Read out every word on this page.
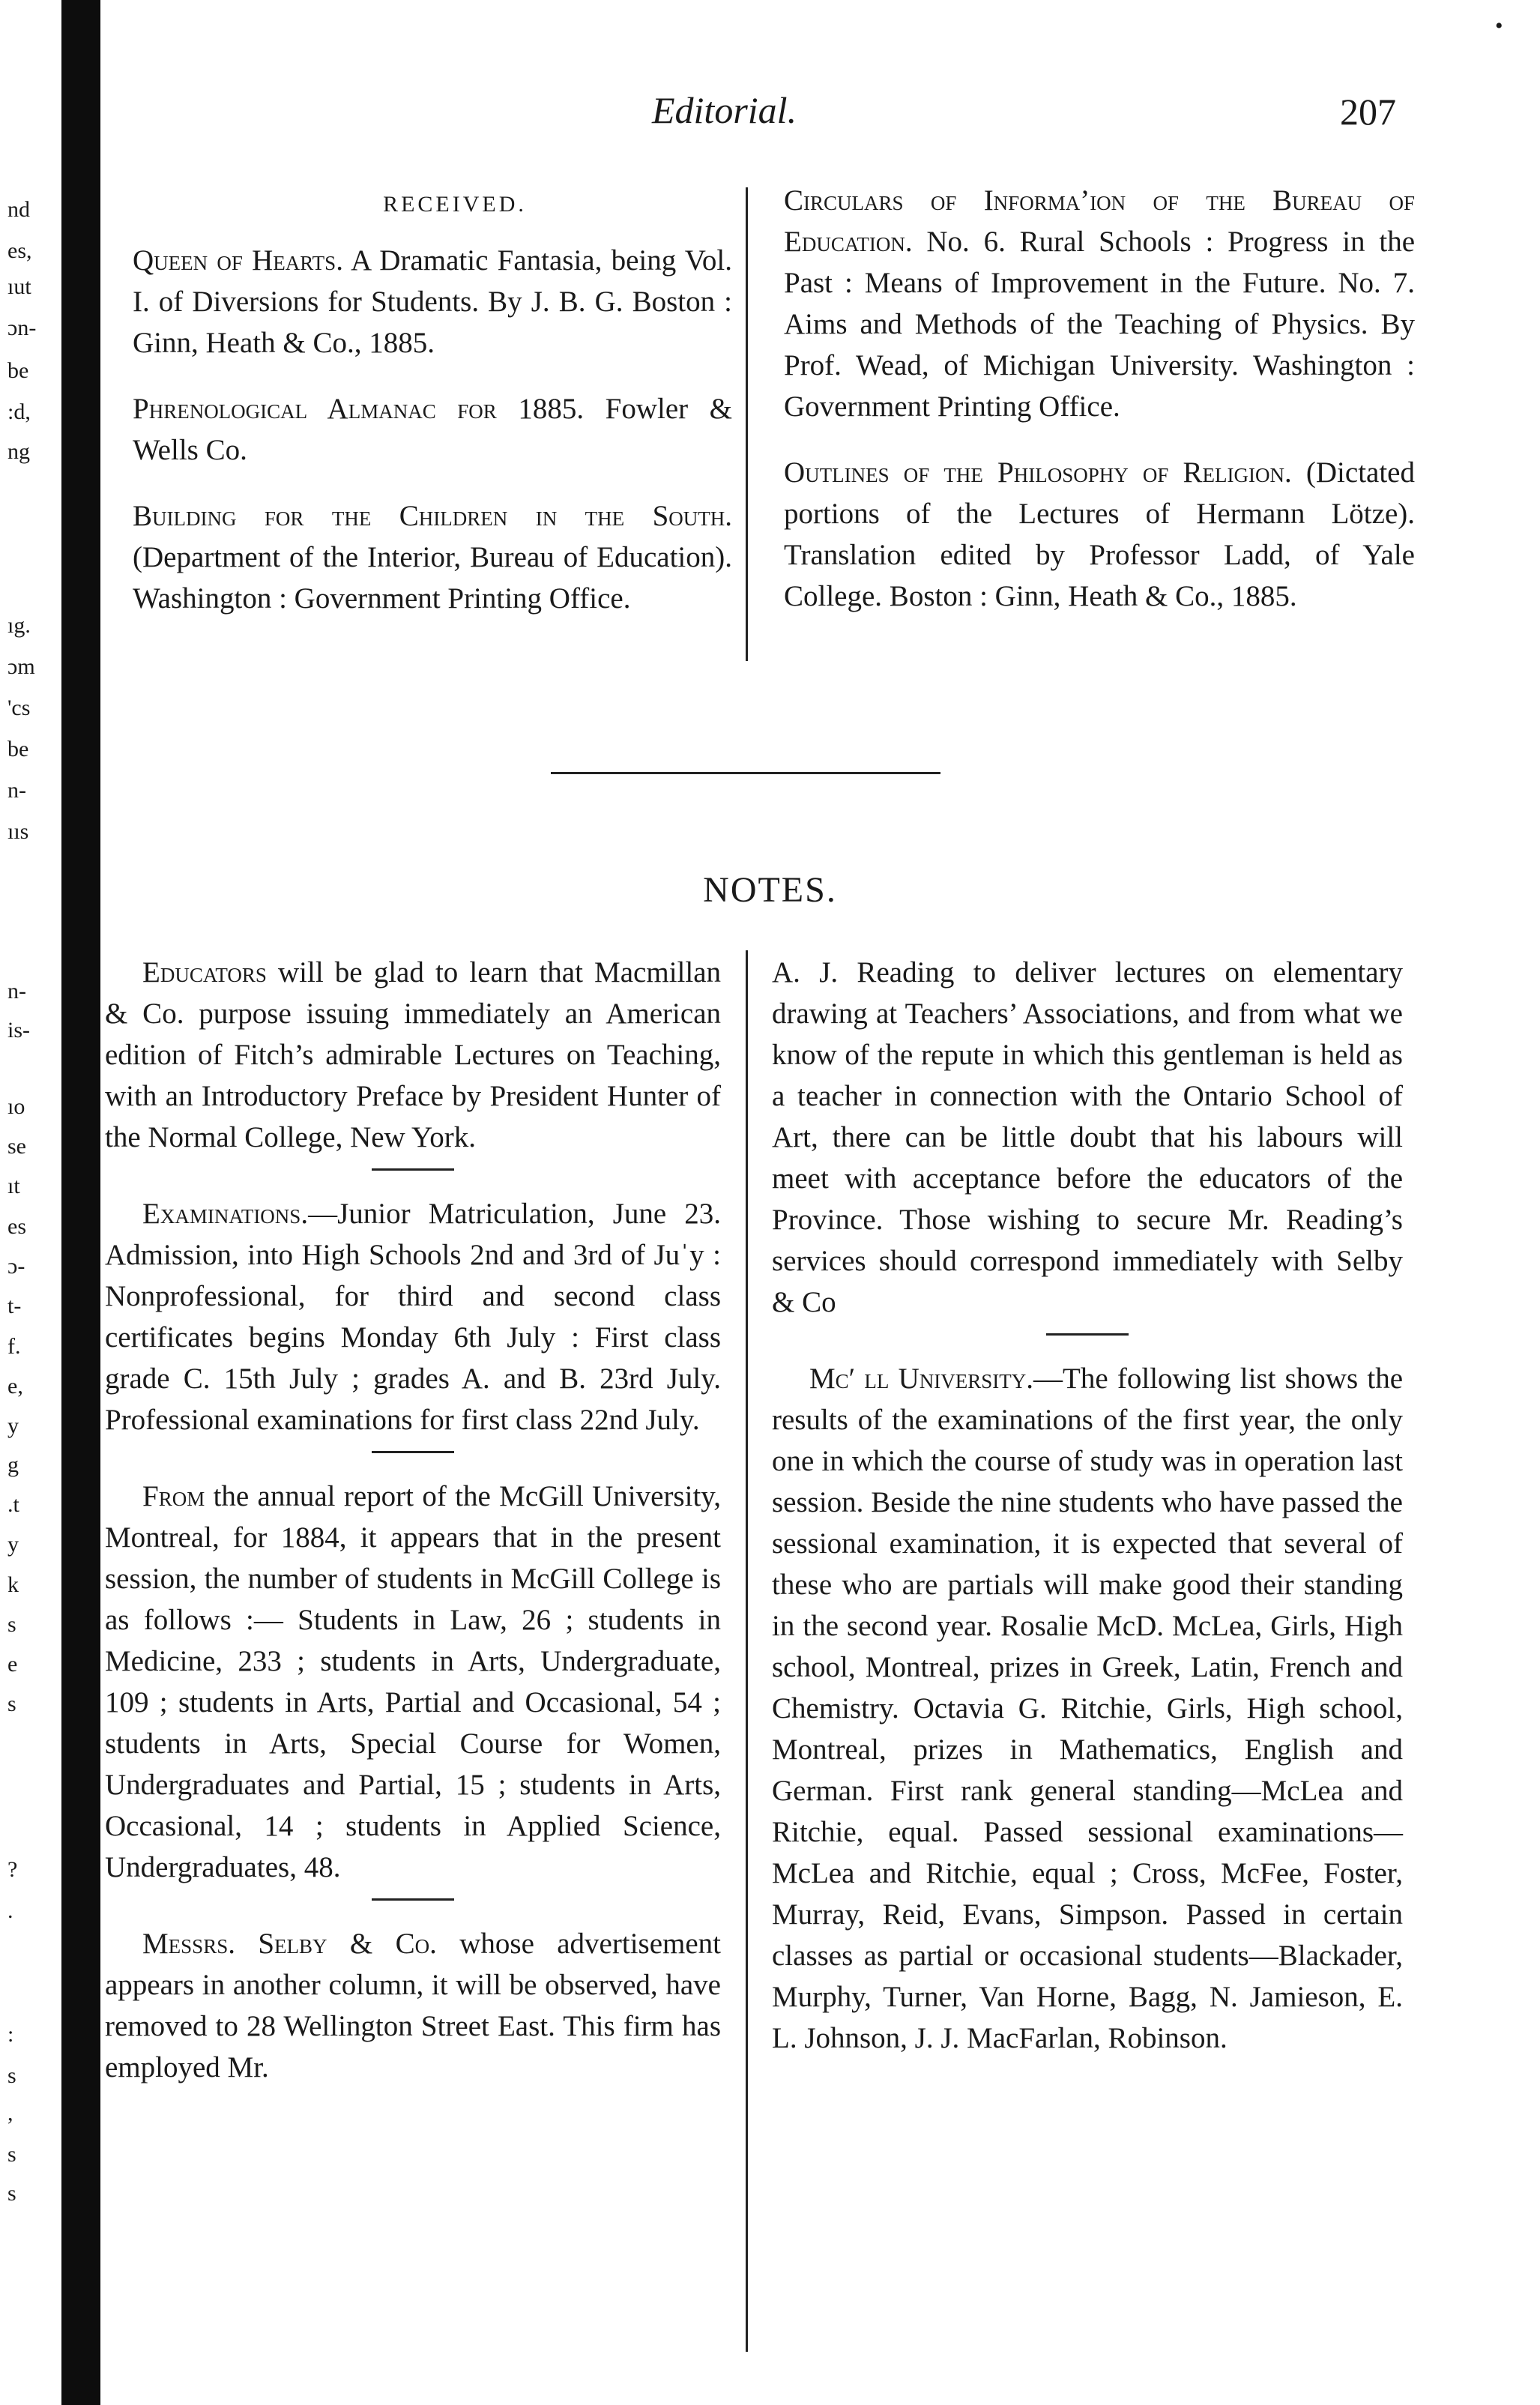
nd
es,
ıut
ɔn-
be
:d,
ng
ıg.
ɔm
'cs
be
n-
ııs
n-
is-
ıo
se
ıt
es
ɔ-
t-
f.
e,
y
g
.t
y
k
s
e
s
?
.
:
s
,
s
s
Editorial.	207
•
RECEIVED.

Queen of Hearts. A Dramatic Fantasia, being Vol. I. of Diversions for Students. By J. B. G. Boston : Ginn, Heath & Co., 1885.

Phrenological Almanac for 1885. Fowler & Wells Co.

Building for the Children in the South. (Department of the Interior, Bureau of Education). Washington : Government Printing Office.

Circulars of Informa’ion of the Bureau of Education. No. 6. Rural Schools : Progress in the Past : Means of Improvement in the Future. No. 7. Aims and Methods of the Teaching of Physics. By Prof. Wead, of Michigan University. Washington : Government Printing Office.

Outlines of the Philosophy of Religion. (Dictated portions of the Lectures of Hermann Lötze). Translation edited by Professor Ladd, of Yale College. Boston : Ginn, Heath & Co., 1885.

NOTES.

Educators will be glad to learn that Macmillan & Co. purpose issuing immediately an American edition of Fitch’s admirable Lectures on Teaching, with an Introductory Preface by President Hunter of the Normal College, New York.

Examinations.—Junior Matriculation, June 23. Admission, into High Schools 2nd and 3rd of Juˈy : Nonprofessional, for third and second class certificates begins Monday 6th July : First class grade C. 15th July ; grades A. and B. 23rd July. Professional examinations for first class 22nd July.

From the annual report of the McGill University, Montreal, for 1884, it appears that in the present session, the number of students in McGill College is as follows :— Students in Law, 26 ; students in Medicine, 233 ; students in Arts, Undergraduate, 109 ; students in Arts, Partial and Occasional, 54 ; students in Arts, Special Course for Women, Undergraduates and Partial, 15 ; students in Arts, Occasional, 14 ; students in Applied Science, Undergraduates, 48.

Messrs. Selby & Co. whose advertisement appears in another column, it will be observed, have removed to 28 Wellington Street East. This firm has employed Mr.

A. J. Reading to deliver lectures on elementary drawing at Teachers’ Associations, and from what we know of the repute in which this gentleman is held as a teacher in connection with the Ontario School of Art, there can be little doubt that his labours will meet with acceptance before the educators of the Province. Those wishing to secure Mr. Reading’s services should correspond immediately with Selby & Co

Mc′ ll University.—The following list shows the results of the examinations of the first year, the only one in which the course of study was in operation last session. Beside the nine students who have passed the sessional examination, it is expected that several of these who are partials will make good their standing in the second year. Rosalie McD. McLea, Girls, High school, Montreal, prizes in Greek, Latin, French and Chemistry. Octavia G. Ritchie, Girls, High school, Montreal, prizes in Mathematics, English and German. First rank general standing—McLea and Ritchie, equal. Passed sessional examinations—McLea and Ritchie, equal ; Cross, McFee, Foster, Murray, Reid, Evans, Simpson. Passed in certain classes as partial or occasional students—Blackader, Murphy, Turner, Van Horne, Bagg, N. Jamieson, E. L. Johnson, J. J. MacFarlan, Robinson.
